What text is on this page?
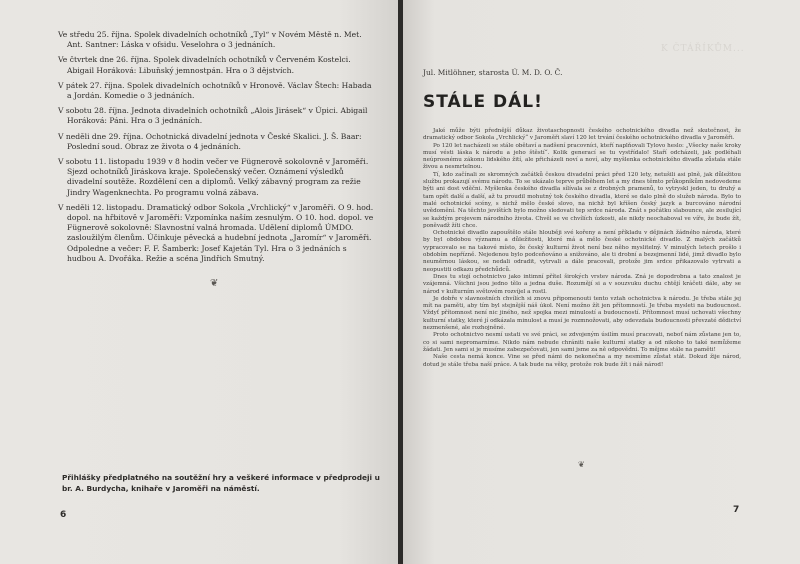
Ve středu 25. října. Spolek divadelních ochotníků „Tyl“ v Novém Městě n. Met. Ant. Santner: Láska v ofsidu. Veselohra o 3 jednáních.

Ve čtvrtek dne 26. října. Spolek divadelních ochotníků v Červeném Kostelci. Abigail Horáková: Libuňský jemnostpán. Hra o 3 dějstvích.

V pátek 27. října. Spolek divadelních ochotníků v Hronově. Václav Štech: Habada a Jordán. Komedie o 3 jednáních.

V sobotu 28. října. Jednota divadelních ochotníků „Alois Jirásek“ v Úpici. Abigail Horáková: Páni. Hra o 3 jednáních.

V neděli dne 29. října. Ochotnická divadelní jednota v České Skalici. J. Š. Baar: Poslední soud. Obraz ze života o 4 jednáních.

V sobotu 11. listopadu 1939 v 8 hodin večer ve Fügnerově sokolovně v Jaroměři. Sjezd ochotníků Jiráskova kraje. Společenský večer. Oznámení výsledků divadelní soutěže. Rozdělení cen a diplomů. Velký zábavný program za režie Jindry Wagenknechta. Po programu volná zábava.

V neděli 12. listopadu. Dramatický odbor Sokola „Vrchlický“ v Jaroměři. O 9. hod. dopol. na hřbitově v Jaroměři: Vzpomínka naším zesnulým. O 10. hod. dopol. ve Fügnerově sokolovně: Slavnostní valná hromada. Udělení diplomů ÚMDO. zasloužilým členům. Účinkuje pěvecká a hudební jednota „Jaromír“ v Jaroměři. Odpoledne a večer: F. F. Šamberk: Josef Kajetán Tyl. Hra o 3 jednáních s hudbou A. Dvořáka. Režie a scéna Jindřich Smutný.

❦
Přihlášky předplatného na soutěžní hry a veškeré informace v předprodeji u br. A. Burdycha, knihaře v Jaroměři na náměstí.
6
K ČTÁŘÍKŮM...
Jul. Mitlöhner, starosta Ú. M. D. O. Č.
STÁLE DÁL!

Jaké může býti přednější důkaz životaschopnosti českého ochotnického divadla než skutečnost, že dramatický odbor Sokola „Vrchlický“ v Jaroměři slaví 120 let trvání českého ochotnického divadla v Jaroměři.

Po 120 let nacházeli se stále obětaví a nadšení pracovníci, kteří naplňovali Tylovo heslo: „Všecky naše kroky musí vésti láska k národu a jeho štěstí“. Kolik generací se tu vystřídalo! Staří odcházeli, jak podléhali neúprosnému zákonu lidského žití, ale přicházeli noví a noví, aby myšlenka ochotnického divadla zůstala stále živou a nesmrtelnou.

Tí, kdo začínali ze skromných začátků českou divadelní práci před 120 lety, netušili asi plně, jak důležitou službu prokazují svému národu. To se ukázalo teprve průběhem let a my dnes těmto průkopníkům nedovedeme býti ani dost vděčni. Myšlenka českého divadla sílívala se z drobných pramenů, to vytryskl jeden, tu druhý a tam opět další a další, až tu proudil mohutný tok českého divadla, které se dalo plně do služeb národa. Bylo to malé ochotnické scény, s nichž mělo české slovo, na nichž byl kříšen český jazyk a burcováno národní uvědomění. Na těchto jevištích bylo možno sledovati tep srdce národa. Znát s počátku slabounce, ale zesilující se každým projevem národního života. Chvěl se ve chvílích úzkosti, ale nikdy neochaboval ve víře, že bude žít, poněvadž žíti chce.

Ochotnické divadlo zapouštělo stále hlouběji své kořeny a není příkladu v dějinách žádného národa, které by byl obdobou významu a důležitosti, které má a mělo české ochotnické divadlo. Z malých začátků vypracovalo se na takové místo, že český kulturní život není bez něho myslitelný. V minulých letech prošlo i obdobím nepřízně. Nejedenou bylo podceňováno a snižováno, ale ti drobní a bezejmenní lidé, jimž divadlo bylo neuměrnou láskou, se nedali odradit, vytrvali a dále pracovali, protože jim srdce přikazovalo vytrvati a neopustiti odkazu předchůdců.

Dnes tu stojí ochotnictvo jako intimní přítel širokých vrstev národa. Zná je dopodrobna a tato znalost je vzájemná. Všichni jsou jedno tělo a jedna duše. Rozumějí si a v souzvuku duchu chtějí kráčeti dále, aby se národ v kulturním světovém rozvíjel a rostl.

Je dobře v slavnostních chvílích si znovu připomenouti tento vztah ochotnictva k národu. Je třeba stále jej mít na paměti, aby tím byl stejnější náš úkol. Není možno žít jen přítomností. Je třeba mysleti na budoucnost. Vždyť přítomnost není nic jiného, než spojka mezi minulostí a budoucností. Přítomnost musí uchovati všechny kulturní statky, které jí odkázala minulost a musí je rozmnožovati, aby odevzdala budoucnosti převzaté dědictví nezmenšené, ale rozhojněné.

Proto ochotnictvo nesmí ustati ve své práci, se zdvojeným úsilím musí pracovati, neboť nám zůstane jen to, co si sami nepromarníme. Nikdo nám nebude chrániti naše kulturní statky a od nikoho to také nemůžeme žádati. Jen sami si je musíme zabezpečovati, jen sami jsme za ně odpovědni. To mějme stále na paměti!

Naše cesta nemá konce. Vine se před námi do nekonečna a my nesmíme zůstat stát. Dokud žije národ, dotud je stále třeba naší práce. A tak bude na věky, protože rok bude žít i náš národ!

❦
7
